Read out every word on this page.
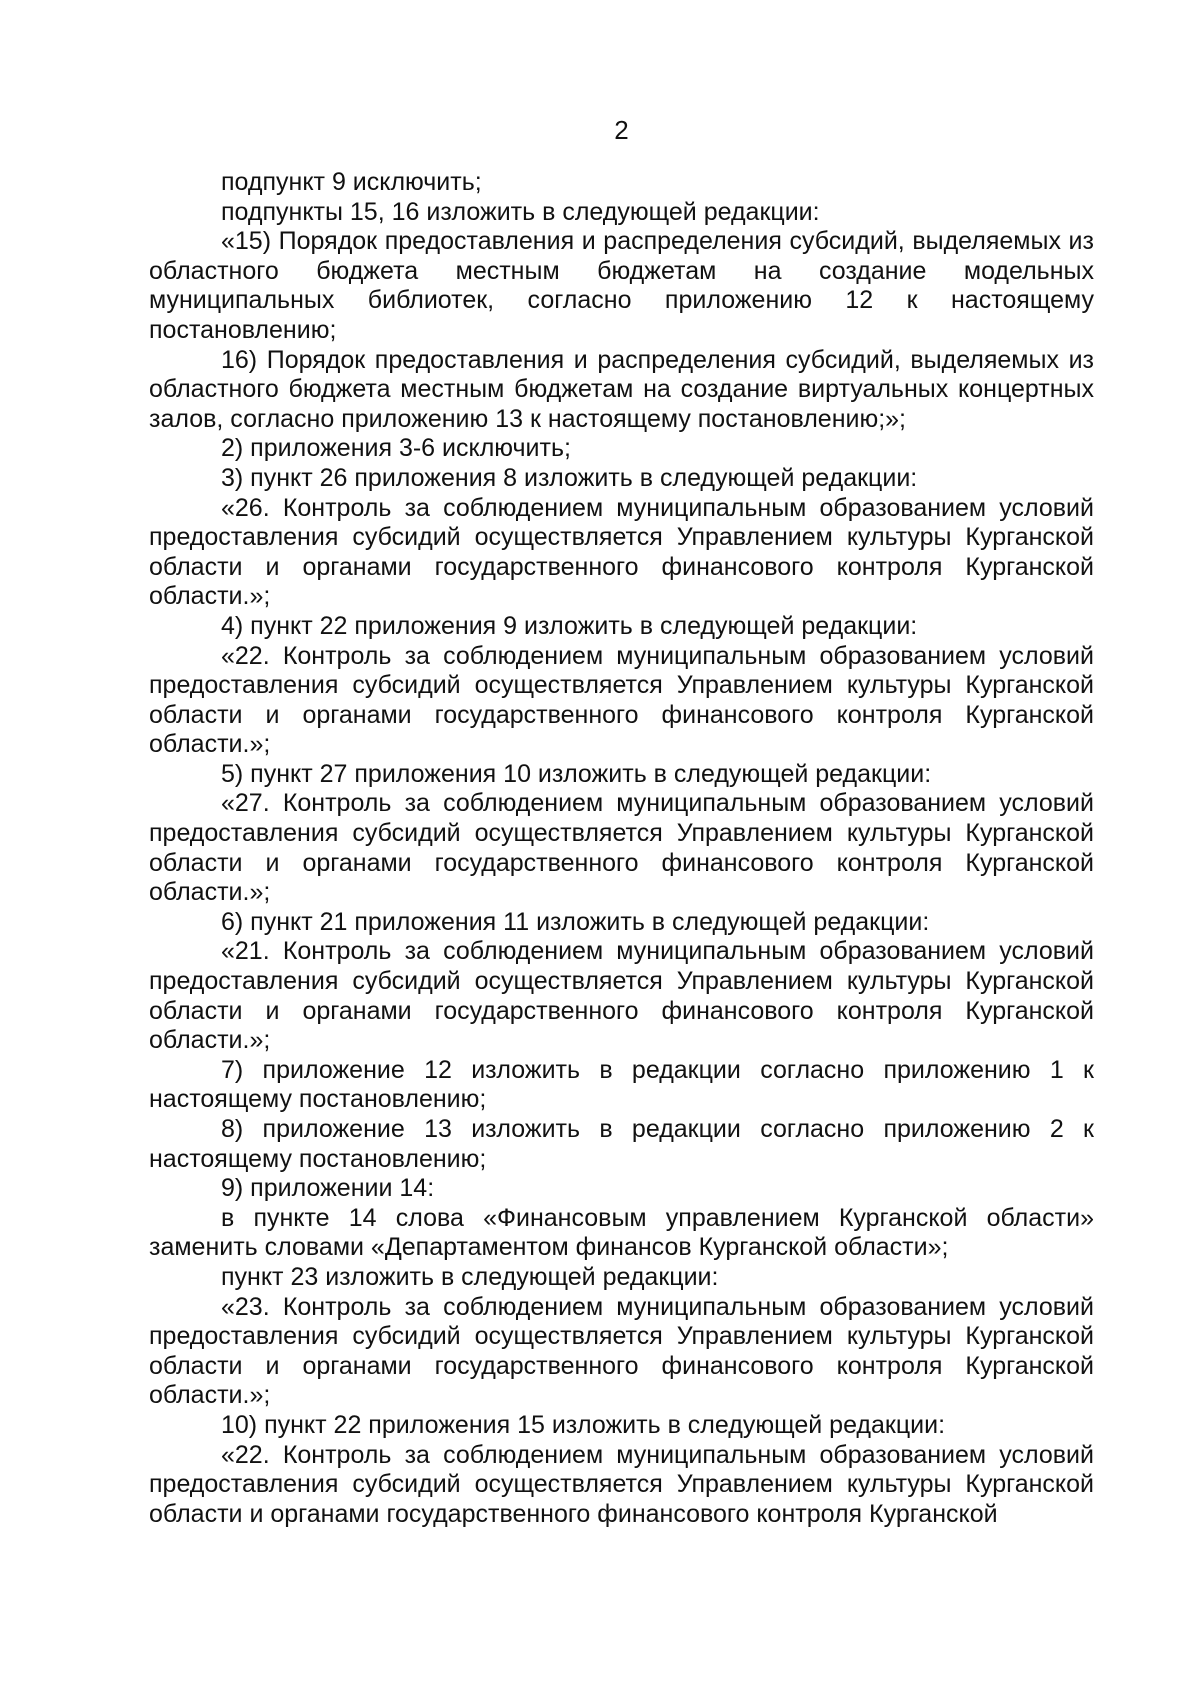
2

подпункт 9 исключить;

подпункты 15, 16 изложить в следующей редакции:

«15) Порядок предоставления и распределения субсидий, выделяемых из областного бюджета местным бюджетам на создание модельных муниципальных библиотек, согласно приложению 12 к настоящему постановлению;

16) Порядок предоставления и распределения субсидий, выделяемых из областного бюджета местным бюджетам на создание виртуальных концертных залов, согласно приложению 13 к настоящему постановлению;»;

2) приложения 3-6 исключить;

3) пункт 26 приложения 8 изложить в следующей редакции:

«26. Контроль за соблюдением муниципальным образованием условий предоставления субсидий осуществляется Управлением культуры Курганской области и органами государственного финансового контроля Курганской области.»;

4) пункт 22 приложения 9 изложить в следующей редакции:

«22. Контроль за соблюдением муниципальным образованием условий предоставления субсидий осуществляется Управлением культуры Курганской области и органами государственного финансового контроля Курганской области.»;

5) пункт 27 приложения 10 изложить в следующей редакции:

«27. Контроль за соблюдением муниципальным образованием условий предоставления субсидий осуществляется Управлением культуры Курганской области и органами государственного финансового контроля Курганской области.»;

6) пункт 21 приложения 11 изложить в следующей редакции:

«21. Контроль за соблюдением муниципальным образованием условий предоставления субсидий осуществляется Управлением культуры Курганской области и органами государственного финансового контроля Курганской области.»;

7) приложение 12 изложить в редакции согласно приложению 1 к настоящему постановлению;

8) приложение 13 изложить в редакции согласно приложению 2 к настоящему постановлению;

9) приложении 14:

в пункте 14 слова «Финансовым управлением Курганской области» заменить словами «Департаментом финансов Курганской области»;

пункт 23 изложить в следующей редакции:

«23. Контроль за соблюдением муниципальным образованием условий предоставления субсидий осуществляется Управлением культуры Курганской области и органами государственного финансового контроля Курганской области.»;

10) пункт 22 приложения 15 изложить в следующей редакции:

«22. Контроль за соблюдением муниципальным образованием условий предоставления субсидий осуществляется Управлением культуры Курганской области и органами государственного финансового контроля Курганской
